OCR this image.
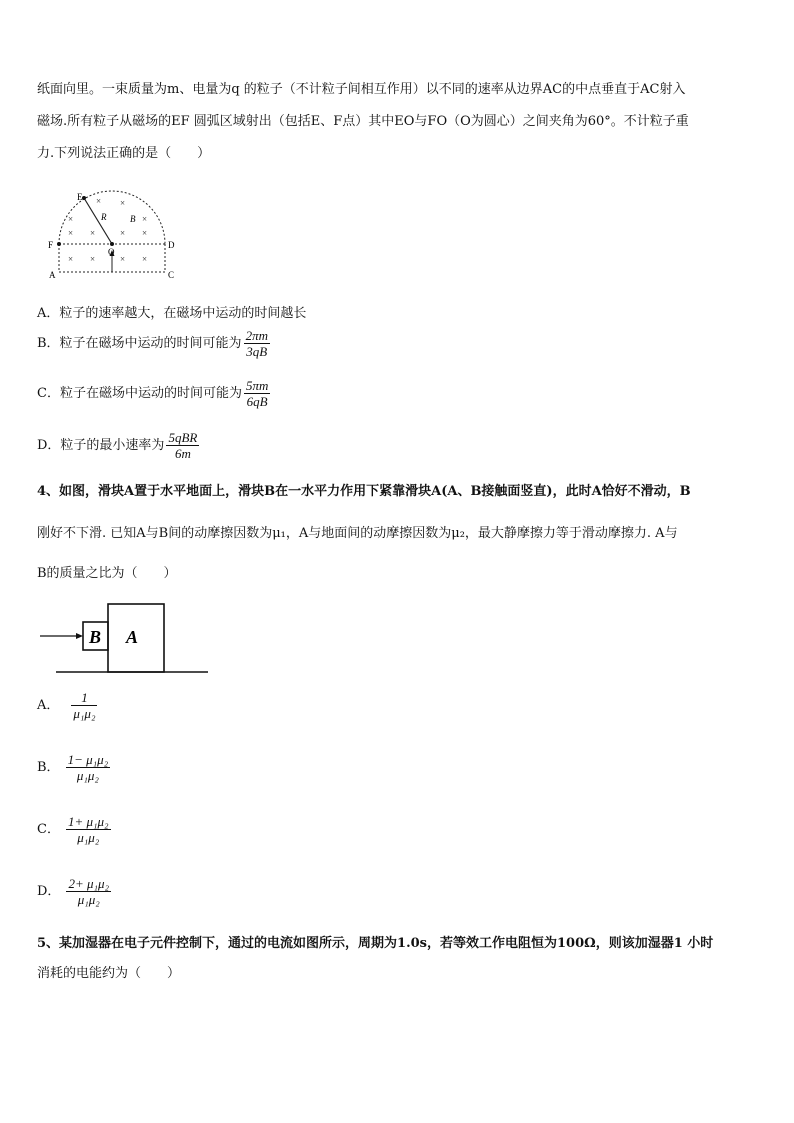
纸面向里。一束质量为m、电量为q 的粒子（不计粒子间相互作用）以不同的速率从边界AC的中点垂直于AC射入
磁场.所有粒子从磁场的EF 圆弧区域射出（包括E、F点）其中EO与FO（O为圆心）之间夹角为60°。不计粒子重
力.下列说法正确的是（　　）
E
F
O
D
A	C
R	B
× ×
×	×
× ×	× ×
× ×	× ×
A．粒子的速率越大，在磁场中运动的时间越长
B．粒子在磁场中运动的时间可能为 $\frac{2\pi m}{3qB}$
C．粒子在磁场中运动的时间可能为 $\frac{5\pi m}{6qB}$
D．粒子的最小速率为 $\frac{\text{5qBR}}{6m}$
4、如图，滑块A置于水平地面上，滑块B在一水平力作用下紧靠滑块A(A、B接触面竖直)，此时A恰好不滑动，B
刚好不下滑. 已知A与B间的动摩擦因数为μ₁，A与地面间的动摩擦因数为μ₂，最大静摩擦力等于滑动摩擦力. A与
B的质量之比为（　　）
B A
A． $\frac{1}{\text{μ₁μ₂}}$
B． $\frac{\text{1− μ₁μ₂}}{\text{μ₁μ₂}}$
C． $\frac{\text{1+ μ₁μ₂}}{\text{μ₁μ₂}}$
D． $\frac{\text{2+ μ₁μ₂}}{\text{μ₁μ₂}}$
5、某加湿器在电子元件控制下，通过的电流如图所示，周期为1.0s，若等效工作电阻恒为100Ω，则该加湿器1 小时
消耗的电能约为（　　）
